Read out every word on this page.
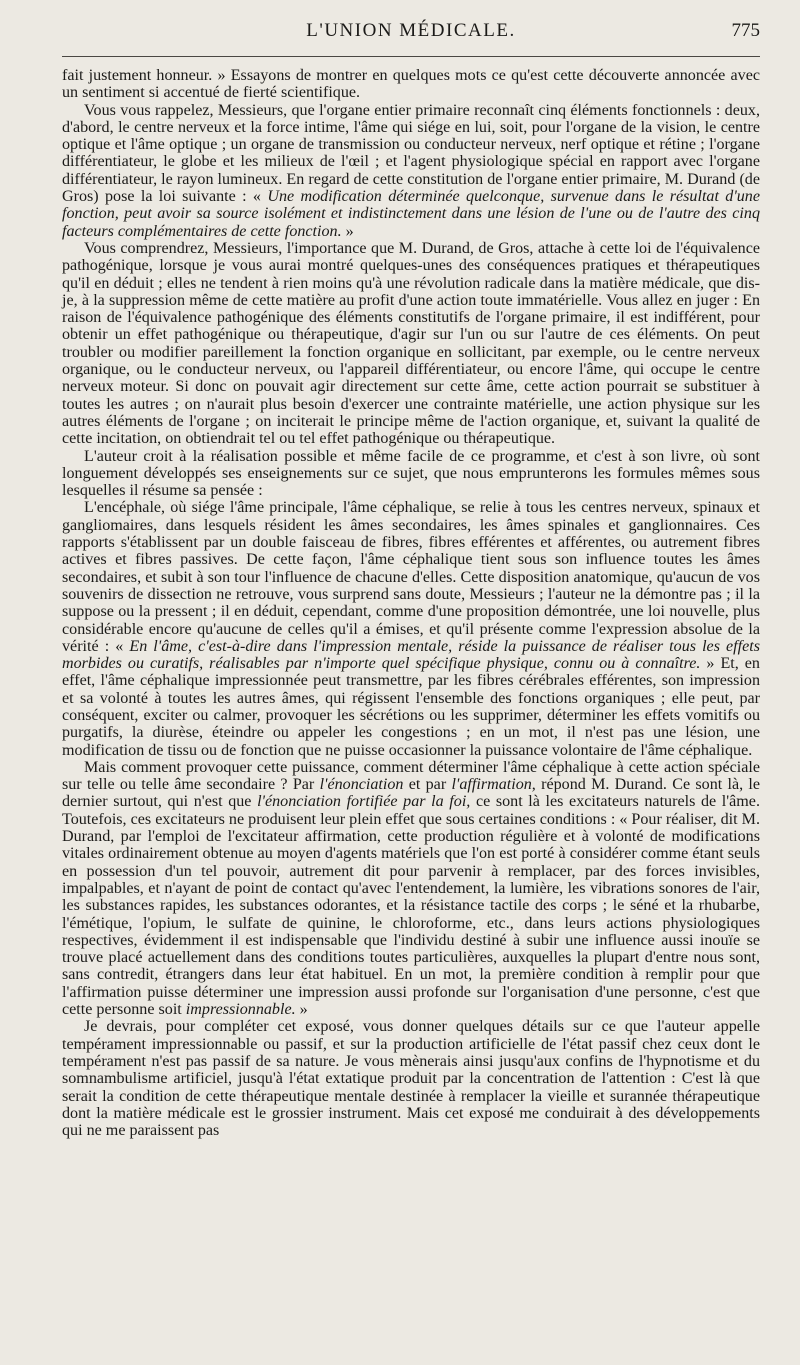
L'UNION MÉDICALE.	775

fait justement honneur. » Essayons de montrer en quelques mots ce qu'est cette découverte annoncée avec un sentiment si accentué de fierté scientifique.

Vous vous rappelez, Messieurs, que l'organe entier primaire reconnaît cinq éléments fonctionnels : deux, d'abord, le centre nerveux et la force intime, l'âme qui siége en lui, soit, pour l'organe de la vision, le centre optique et l'âme optique ; un organe de transmission ou conducteur nerveux, nerf optique et rétine ; l'organe différentiateur, le globe et les milieux de l'œil ; et l'agent physiologique spécial en rapport avec l'organe différentiateur, le rayon lumineux. En regard de cette constitution de l'organe entier primaire, M. Durand (de Gros) pose la loi suivante : « Une modification déterminée quelconque, survenue dans le résultat d'une fonction, peut avoir sa source isolément et indistinctement dans une lésion de l'une ou de l'autre des cinq facteurs complémentaires de cette fonction. »

Vous comprendrez, Messieurs, l'importance que M. Durand, de Gros, attache à cette loi de l'équivalence pathogénique, lorsque je vous aurai montré quelques-unes des conséquences pratiques et thérapeutiques qu'il en déduit ; elles ne tendent à rien moins qu'à une révolution radicale dans la matière médicale, que dis-je, à la suppression même de cette matière au profit d'une action toute immatérielle. Vous allez en juger : En raison de l'équivalence pathogénique des éléments constitutifs de l'organe primaire, il est indifférent, pour obtenir un effet pathogénique ou thérapeutique, d'agir sur l'un ou sur l'autre de ces éléments. On peut troubler ou modifier pareillement la fonction organique en sollicitant, par exemple, ou le centre nerveux organique, ou le conducteur nerveux, ou l'appareil différentiateur, ou encore l'âme, qui occupe le centre nerveux moteur. Si donc on pouvait agir directement sur cette âme, cette action pourrait se substituer à toutes les autres ; on n'aurait plus besoin d'exercer une contrainte matérielle, une action physique sur les autres éléments de l'organe ; on inciterait le principe même de l'action organique, et, suivant la qualité de cette incitation, on obtiendrait tel ou tel effet pathogénique ou thérapeutique.

L'auteur croit à la réalisation possible et même facile de ce programme, et c'est à son livre, où sont longuement développés ses enseignements sur ce sujet, que nous emprunterons les formules mêmes sous lesquelles il résume sa pensée :

L'encéphale, où siége l'âme principale, l'âme céphalique, se relie à tous les centres nerveux, spinaux et gangliomaires, dans lesquels résident les âmes secondaires, les âmes spinales et ganglionnaires. Ces rapports s'établissent par un double faisceau de fibres, fibres efférentes et afférentes, ou autrement fibres actives et fibres passives. De cette façon, l'âme céphalique tient sous son influence toutes les âmes secondaires, et subit à son tour l'influence de chacune d'elles. Cette disposition anatomique, qu'aucun de vos souvenirs de dissection ne retrouve, vous surprend sans doute, Messieurs ; l'auteur ne la démontre pas ; il la suppose ou la pressent ; il en déduit, cependant, comme d'une proposition démontrée, une loi nouvelle, plus considérable encore qu'aucune de celles qu'il a émises, et qu'il présente comme l'expression absolue de la vérité : « En l'âme, c'est-à-dire dans l'impression mentale, réside la puissance de réaliser tous les effets morbides ou curatifs, réalisables par n'importe quel spécifique physique, connu ou à connaître. » Et, en effet, l'âme céphalique impressionnée peut transmettre, par les fibres cérébrales efférentes, son impression et sa volonté à toutes les autres âmes, qui régissent l'ensemble des fonctions organiques ; elle peut, par conséquent, exciter ou calmer, provoquer les sécrétions ou les supprimer, déterminer les effets vomitifs ou purgatifs, la diurèse, éteindre ou appeler les congestions ; en un mot, il n'est pas une lésion, une modification de tissu ou de fonction que ne puisse occasionner la puissance volontaire de l'âme céphalique.

Mais comment provoquer cette puissance, comment déterminer l'âme céphalique à cette action spéciale sur telle ou telle âme secondaire ? Par l'énonciation et par l'affirmation, répond M. Durand. Ce sont là, le dernier surtout, qui n'est que l'énonciation fortifiée par la foi, ce sont là les excitateurs naturels de l'âme. Toutefois, ces excitateurs ne produisent leur plein effet que sous certaines conditions : « Pour réaliser, dit M. Durand, par l'emploi de l'excitateur affirmation, cette production régulière et à volonté de modifications vitales ordinairement obtenue au moyen d'agents matériels que l'on est porté à considérer comme étant seuls en possession d'un tel pouvoir, autrement dit pour parvenir à remplacer, par des forces invisibles, impalpables, et n'ayant de point de contact qu'avec l'entendement, la lumière, les vibrations sonores de l'air, les substances rapides, les substances odorantes, et la résistance tactile des corps ; le séné et la rhubarbe, l'émétique, l'opium, le sulfate de quinine, le chloroforme, etc., dans leurs actions physiologiques respectives, évidemment il est indispensable que l'individu destiné à subir une influence aussi inouïe se trouve placé actuellement dans des conditions toutes particulières, auxquelles la plupart d'entre nous sont, sans contredit, étrangers dans leur état habituel. En un mot, la première condition à remplir pour que l'affirmation puisse déterminer une impression aussi profonde sur l'organisation d'une personne, c'est que cette personne soit impressionnable. »

Je devrais, pour compléter cet exposé, vous donner quelques détails sur ce que l'auteur appelle tempérament impressionnable ou passif, et sur la production artificielle de l'état passif chez ceux dont le tempérament n'est pas passif de sa nature. Je vous mènerais ainsi jusqu'aux confins de l'hypnotisme et du somnambulisme artificiel, jusqu'à l'état extatique produit par la concentration de l'attention : C'est là que serait la condition de cette thérapeutique mentale destinée à remplacer la vieille et surannée thérapeutique dont la matière médicale est le grossier instrument. Mais cet exposé me conduirait à des développements qui ne me paraissent pas
